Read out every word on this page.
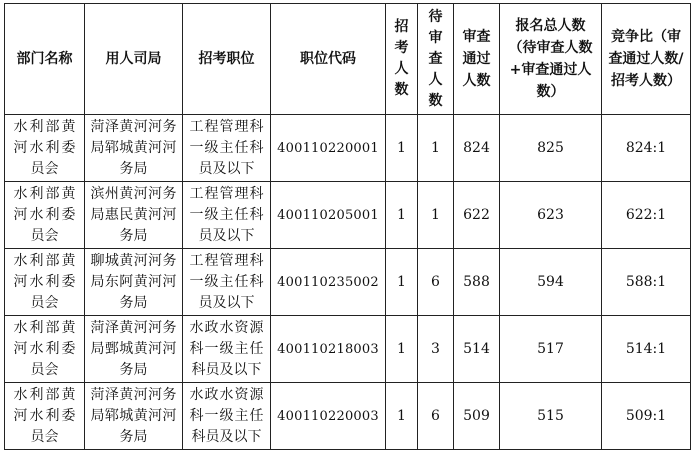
部门名称	用人司局	招考职位	职位代码	招考人数	待审查人数	审查通过人数	报名总人数（待审查人数+审查通过人数）	竞争比（审查通过人数/招考人数）

水利部黄河水利委员会	菏泽黄河河务局郓城黄河河务局	工程管理科一级主任科员及以下	400110220001	1	1	824	825	824:1

水利部黄河水利委员会	滨州黄河河务局惠民黄河河务局	工程管理科一级主任科员及以下	400110205001	1	1	622	623	622:1

水利部黄河水利委员会	聊城黄河河务局东阿黄河河务局	工程管理科一级主任科员及以下	400110235002	1	6	588	594	588:1

水利部黄河水利委员会	菏泽黄河河务局鄄城黄河河务局	水政水资源科一级主任科员及以下	400110218003	1	3	514	517	514:1

水利部黄河水利委员会	菏泽黄河河务局郓城黄河河务局	水政水资源科一级主任科员及以下	400110220003	1	6	509	515	509:1
